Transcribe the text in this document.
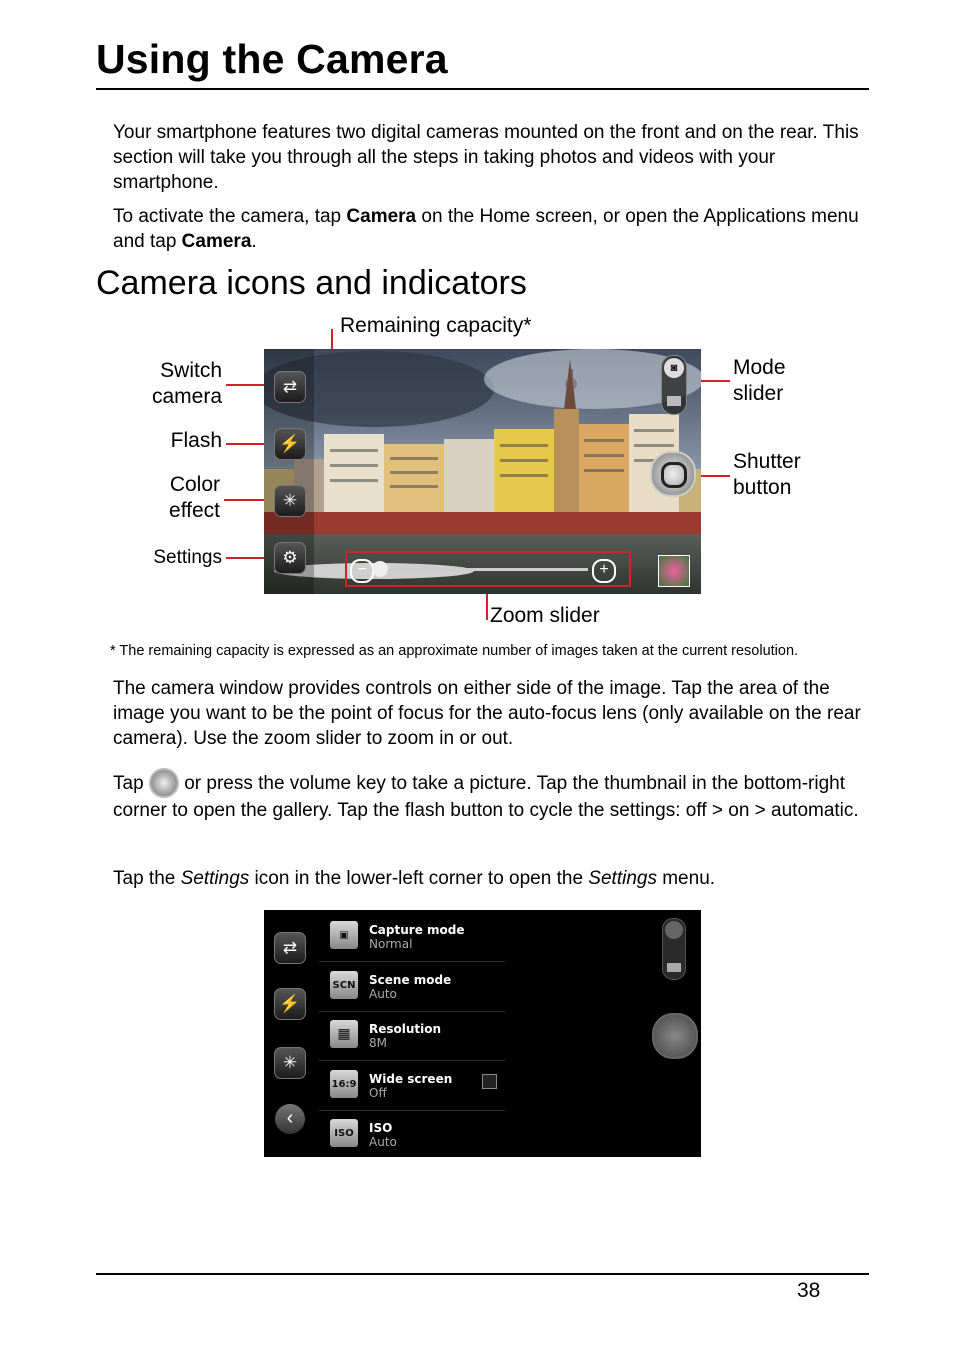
Using the Camera

Your smartphone features two digital cameras mounted on the front and on the rear. This section will take you through all the steps in taking photos and videos with your smartphone.

To activate the camera, tap Camera on the Home screen, or open the Applications menu and tap Camera.

Camera icons and indicators
Remaining capacity*
Switch camera
Flash
Color effect
Settings
Mode slider
Shutter button
Zoom slider
⇄
⚡
✳
⚙
◙
−	+
* The remaining capacity is expressed as an approximate number of images taken at the current resolution.

The camera window provides controls on either side of the image. Tap the area of the image you want to be the point of focus for the auto-focus lens (only available on the rear camera). Use the zoom slider to zoom in or out.

Tap  or press the volume key to take a picture. Tap the thumbnail in the bottom-right corner to open the gallery. Tap the flash button to cycle the settings: off > on > automatic.

Tap the Settings icon in the lower-left corner to open the Settings menu.

⇄
⚡
✳
‹
▣	Capture mode
Normal
SCN Scene mode
Auto
▦	Resolution
8M
16:9 Wide screen
Off
ISO	ISO
Auto
38
